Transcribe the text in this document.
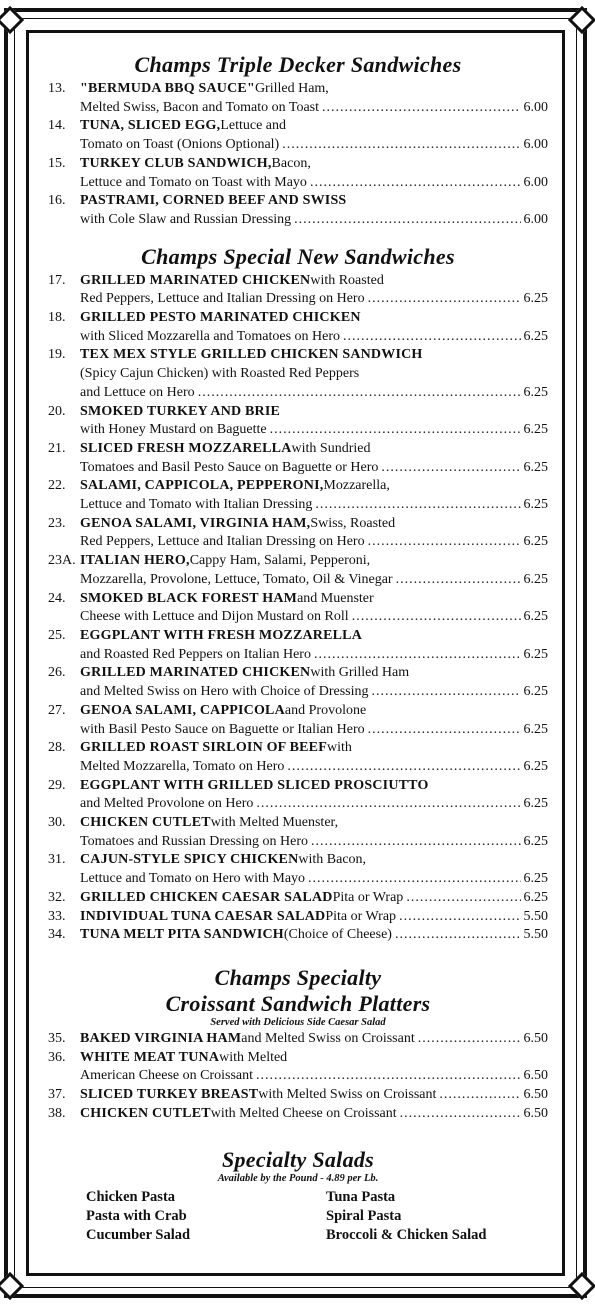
Champs Triple Decker Sandwiches
13.	"BERMUDA BBQ SAUCE" Grilled Ham,
Melted Swiss, Bacon and Tomato on Toast .....	6.00
14.	TUNA, SLICED EGG, Lettuce and
Tomato on Toast (Onions Optional) .....	6.00
15.	TURKEY CLUB SANDWICH, Bacon,
Lettuce and Tomato on Toast with Mayo .....	6.00
16.	PASTRAMI, CORNED BEEF AND SWISS
with Cole Slaw and Russian Dressing .....	6.00
Champs Special New Sandwiches
17.	GRILLED MARINATED CHICKEN with Roasted
Red Peppers, Lettuce and Italian Dressing on Hero .....	6.25
18.	GRILLED PESTO MARINATED CHICKEN
with Sliced Mozzarella and Tomatoes on Hero .....	6.25
19.	TEX MEX STYLE GRILLED CHICKEN SANDWICH
(Spicy Cajun Chicken) with Roasted Red Peppers
and Lettuce on Hero .....	6.25
20.	SMOKED TURKEY AND BRIE
with Honey Mustard on Baguette .....	6.25
21.	SLICED FRESH MOZZARELLA with Sundried
Tomatoes and Basil Pesto Sauce on Baguette or Hero .....	6.25
22.	SALAMI, CAPPICOLA, PEPPERONI, Mozzarella,
Lettuce and Tomato with Italian Dressing .....	6.25
23.	GENOA SALAMI, VIRGINIA HAM, Swiss, Roasted
Red Peppers, Lettuce and Italian Dressing on Hero .....	6.25
23A. ITALIAN HERO, Cappy Ham, Salami, Pepperoni,
Mozzarella, Provolone, Lettuce, Tomato, Oil & Vinegar .....	6.25
24.	SMOKED BLACK FOREST HAM and Muenster
Cheese with Lettuce and Dijon Mustard on Roll .....	6.25
25.	EGGPLANT WITH FRESH MOZZARELLA
and Roasted Red Peppers on Italian Hero .....	6.25
26.	GRILLED MARINATED CHICKEN with Grilled Ham
and Melted Swiss on Hero with Choice of Dressing .....	6.25
27.	GENOA SALAMI, CAPPICOLA and Provolone
with Basil Pesto Sauce on Baguette or Italian Hero .....	6.25
28.	GRILLED ROAST SIRLOIN OF BEEF with
Melted Mozzarella, Tomato on Hero .....	6.25
29.	EGGPLANT WITH GRILLED SLICED PROSCIUTTO
and Melted Provolone on Hero .....	6.25
30.	CHICKEN CUTLET with Melted Muenster,
Tomatoes and Russian Dressing on Hero .....	6.25
31.	CAJUN-STYLE SPICY CHICKEN with Bacon,
Lettuce and Tomato on Hero with Mayo .....	6.25
32.	GRILLED CHICKEN CAESAR SALAD Pita or Wrap .....	6.25
33.	INDIVIDUAL TUNA CAESAR SALAD Pita or Wrap .....	5.50
34.	TUNA MELT PITA SANDWICH (Choice of Cheese) .....	5.50
Champs Specialty
Croissant Sandwich Platters
Served with Delicious Side Caesar Salad
35.	BAKED VIRGINIA HAM and Melted Swiss on Croissant .....	6.50
36.	WHITE MEAT TUNA with Melted
American Cheese on Croissant .....	6.50
37.	SLICED TURKEY BREAST with Melted Swiss on Croissant .....	6.50
38.	CHICKEN CUTLET with Melted Cheese on Croissant .....	6.50
Specialty Salads
Available by the Pound - 4.89 per Lb.
Chicken Pasta	Tuna Pasta
Pasta with Crab	Spiral Pasta
Cucumber Salad	Broccoli & Chicken Salad
